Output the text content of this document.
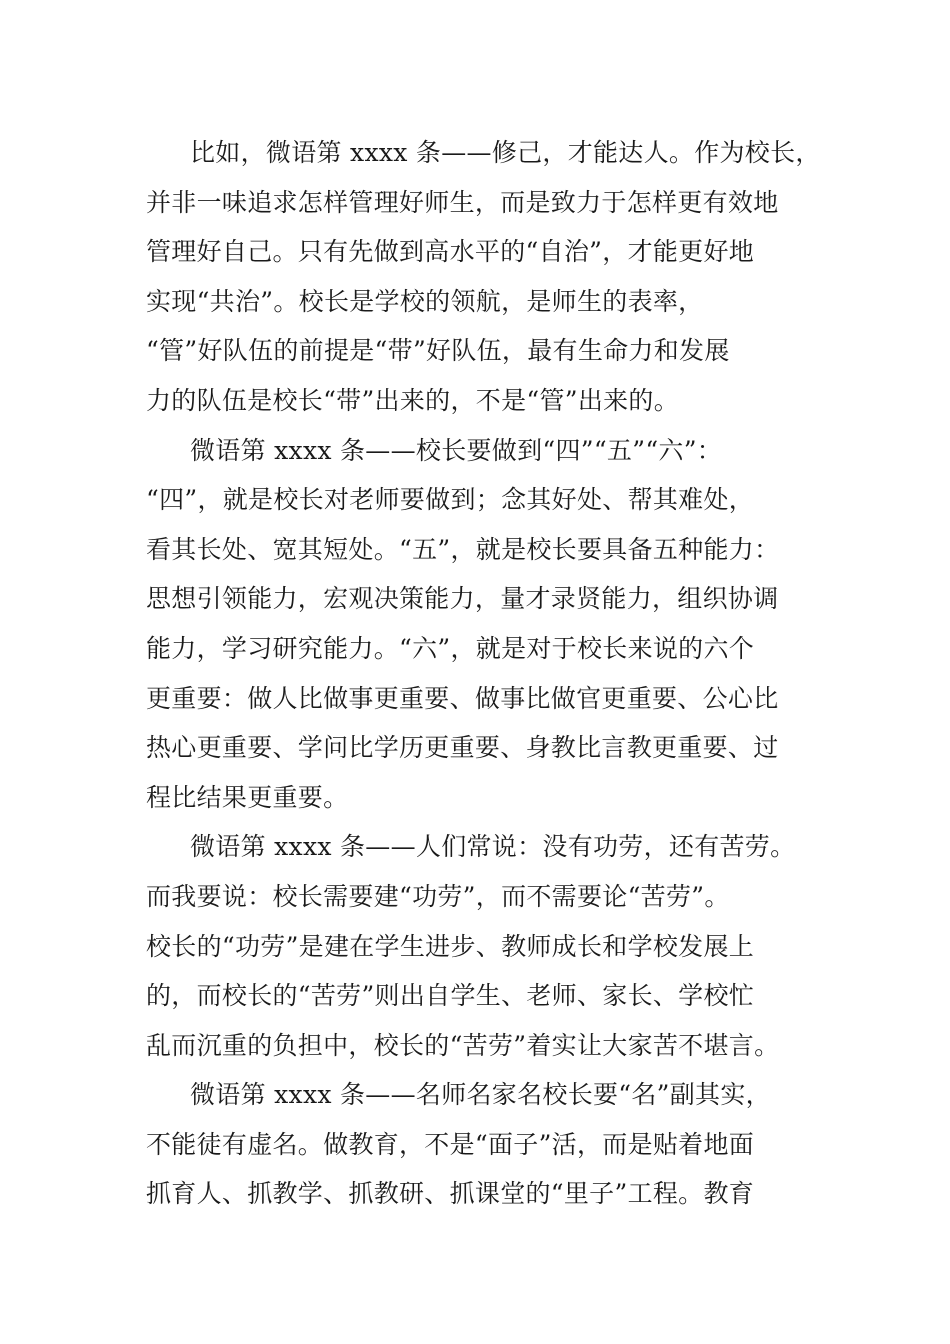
比如，微语第 xxxx 条——修己，才能达人。作为校长，
并非一味追求怎样管理好师生，而是致力于怎样更有效地
管理好自己。只有先做到高水平的“自治”，才能更好地
实现“共治”。校长是学校的领航，是师生的表率，
“管”好队伍的前提是“带”好队伍，最有生命力和发展
力的队伍是校长“带”出来的，不是“管”出来的。
微语第 xxxx 条——校长要做到“四”“五”“六”：
“四”，就是校长对老师要做到；念其好处、帮其难处，
看其长处、宽其短处。“五”，就是校长要具备五种能力：
思想引领能力，宏观决策能力，量才录贤能力，组织协调
能力，学习研究能力。“六”，就是对于校长来说的六个
更重要：做人比做事更重要、做事比做官更重要、公心比
热心更重要、学问比学历更重要、身教比言教更重要、过
程比结果更重要。
微语第 xxxx 条——人们常说：没有功劳，还有苦劳。
而我要说：校长需要建“功劳”，而不需要论“苦劳”。
校长的“功劳”是建在学生进步、教师成长和学校发展上
的，而校长的“苦劳”则出自学生、老师、家长、学校忙
乱而沉重的负担中，校长的“苦劳”着实让大家苦不堪言。
微语第 xxxx 条——名师名家名校长要“名”副其实，
不能徒有虚名。做教育，不是“面子”活，而是贴着地面
抓育人、抓教学、抓教研、抓课堂的“里子”工程。教育
